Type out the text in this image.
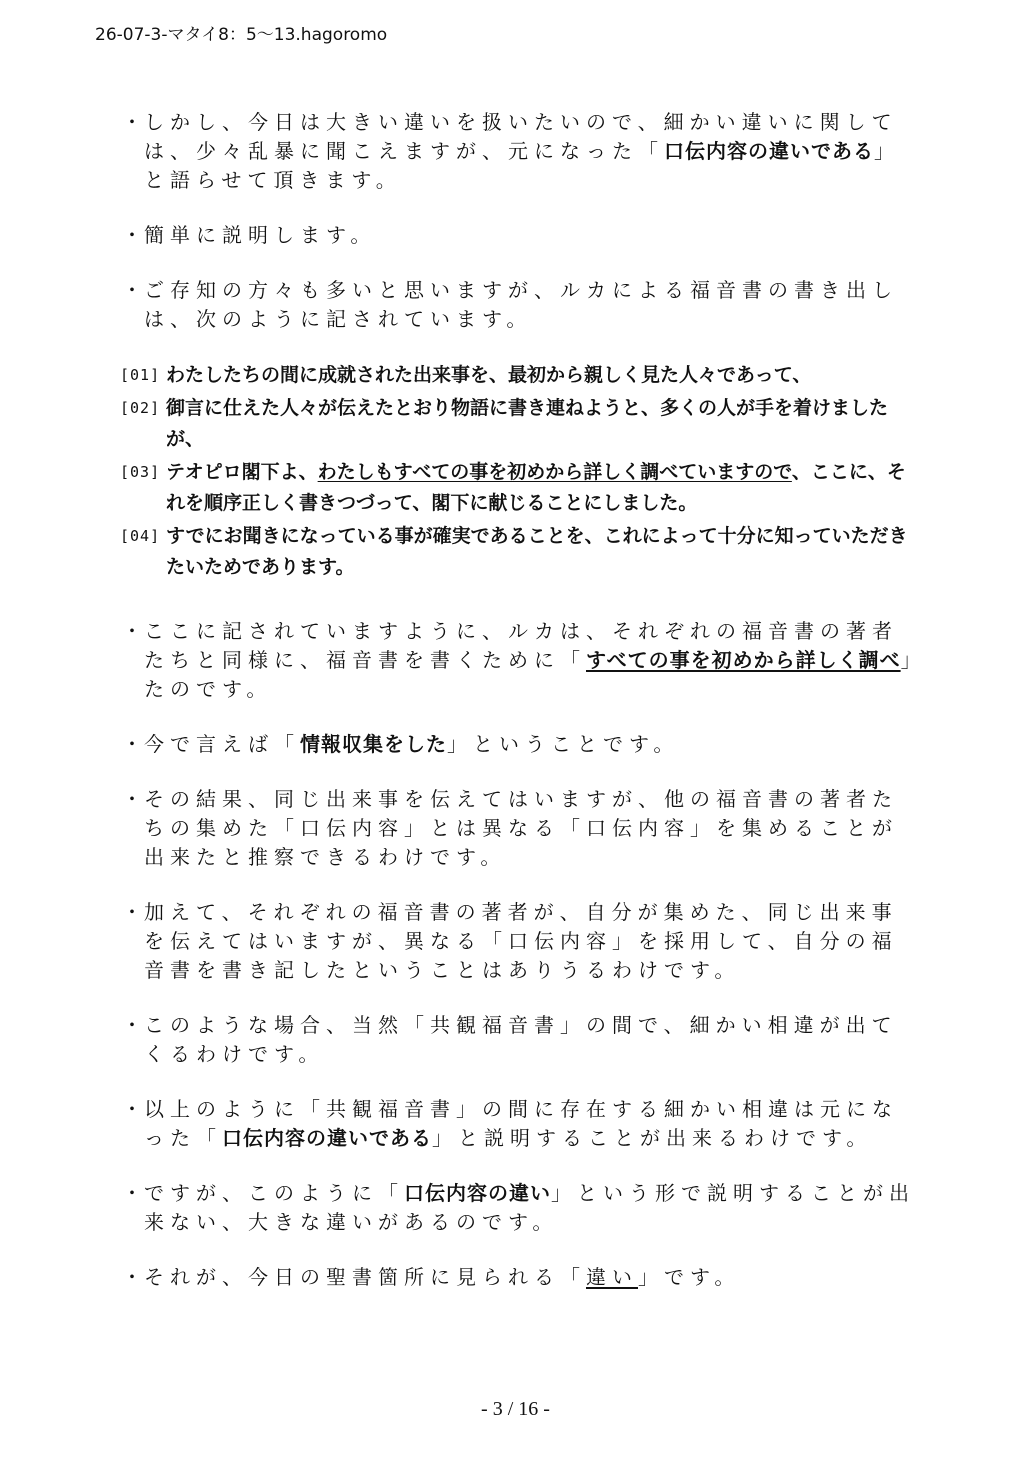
26-07-3-マタイ8：5〜13.hagoromo
・
しかし、今日は大きい違いを扱いたいので、細かい違いに関しては、少々乱暴に聞こえますが、元になった「口伝内容の違いである」と語らせて頂きます。
・
簡単に説明します。
・
ご存知の方々も多いと思いますが、ルカによる福音書の書き出しは、次のように記されています。
[01] わたしたちの間に成就された出来事を、最初から親しく見た人々であって、
[02] 御言に仕えた人々が伝えたとおり物語に書き連ねようと、多くの人が手を着けましたが、
[03] テオピロ閣下よ、わたしもすべての事を初めから詳しく調べていますので、ここに、それを順序正しく書きつづって、閣下に献じることにしました。
[04] すでにお聞きになっている事が確実であることを、これによって十分に知っていただきたいためであります。
・
ここに記されていますように、ルカは、それぞれの福音書の著者たちと同様に、福音書を書くために「すべての事を初めから詳しく調べ」たのです。
・
今で言えば「情報収集をした」ということです。
・
その結果、同じ出来事を伝えてはいますが、他の福音書の著者たちの集めた「口伝内容」とは異なる「口伝内容」を集めることが出来たと推察できるわけです。
・
加えて、それぞれの福音書の著者が、自分が集めた、同じ出来事を伝えてはいますが、異なる「口伝内容」を採用して、自分の福音書を書き記したということはありうるわけです。
・
このような場合、当然「共観福音書」の間で、細かい相違が出てくるわけです。
・
以上のように「共観福音書」の間に存在する細かい相違は元になった「口伝内容の違いである」と説明することが出来るわけです。
・
ですが、このように「口伝内容の違い」という形で説明することが出来ない、大きな違いがあるのです。
・
それが、今日の聖書箇所に見られる「違い」です。
- 3 / 16 -
